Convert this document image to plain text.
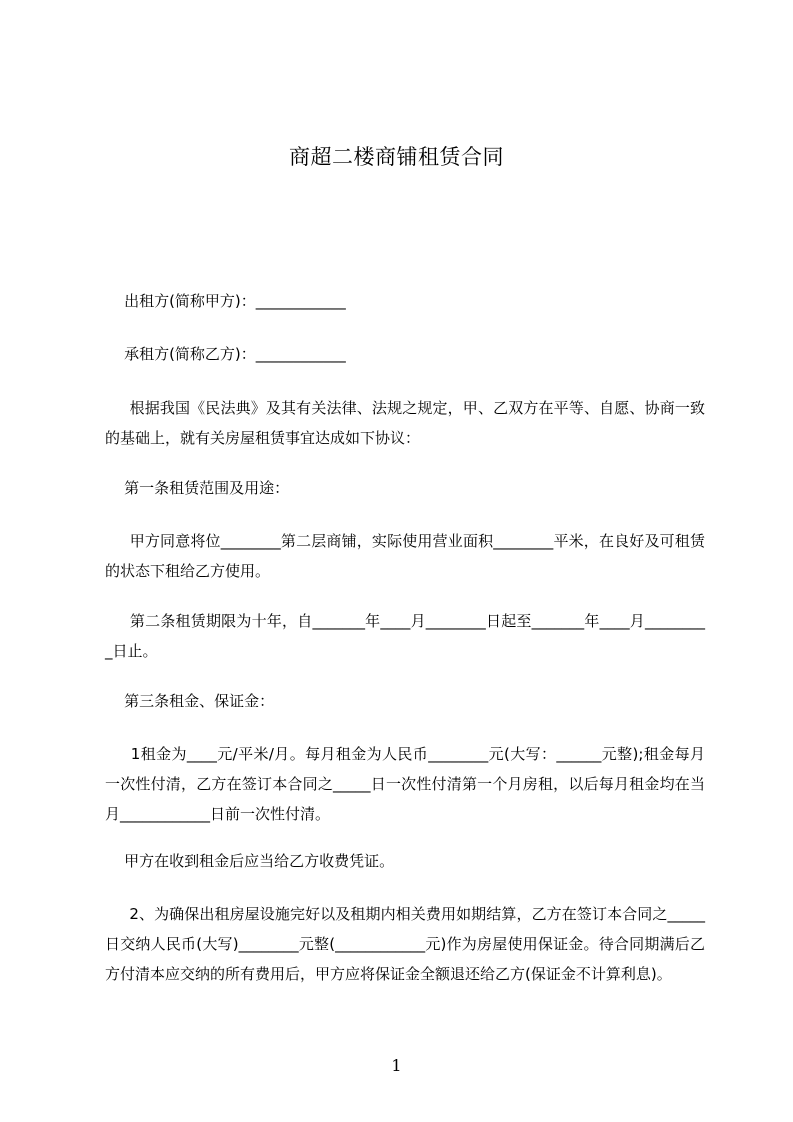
商超二楼商铺租赁合同

出租方(简称甲方)：____________

承租方(简称乙方)：____________

根据我国《民法典》及其有关法律、法规之规定，甲、乙双方在平等、自愿、协商一致的基础上，就有关房屋租赁事宜达成如下协议：

第一条租赁范围及用途：

甲方同意将位________第二层商铺，实际使用营业面积________平米，在良好及可租赁的状态下租给乙方使用。

第二条租赁期限为十年，自_______年____月________日起至_______年____月_________日止。

第三条租金、保证金：

1租金为____元/平米/月。每月租金为人民币________元(大写：______元整);租金每月一次性付清，乙方在签订本合同之_____日一次性付清第一个月房租，以后每月租金均在当月____________日前一次性付清。

甲方在收到租金后应当给乙方收费凭证。

2、为确保出租房屋设施完好以及租期内相关费用如期结算，乙方在签订本合同之_____日交纳人民币(大写)________元整(____________元)作为房屋使用保证金。待合同期满后乙方付清本应交纳的所有费用后，甲方应将保证金全额退还给乙方(保证金不计算利息)。

1
